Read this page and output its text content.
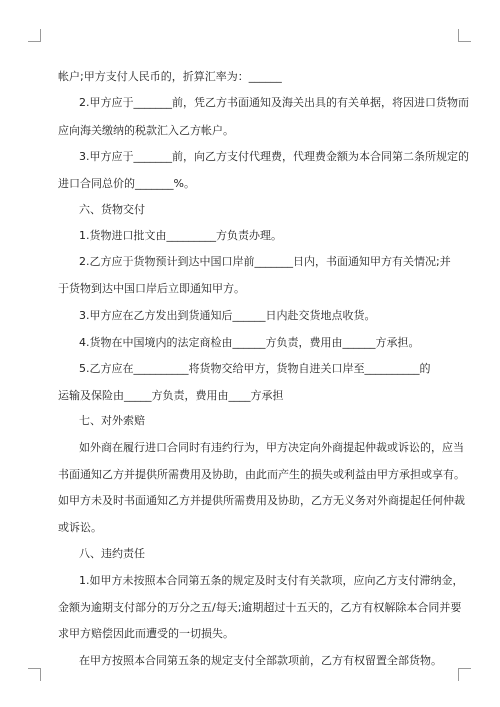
帐户;甲方支付人民币的，折算汇率为：______
2.甲方应于_______前，凭乙方书面通知及海关出具的有关单据，将因进口货物而
应向海关缴纳的税款汇入乙方帐户。
3.甲方应于_______前，向乙方支付代理费，代理费金额为本合同第二条所规定的
进口合同总价的_______%。
六、货物交付
1.货物进口批文由_________方负责办理。
2.乙方应于货物预计到达中国口岸前_______日内，书面通知甲方有关情况;并
于货物到达中国口岸后立即通知甲方。
3.甲方应在乙方发出到货通知后______日内赴交货地点收货。
4.货物在中国境内的法定商检由______方负责，费用由______方承担。
5.乙方应在__________将货物交给甲方，货物自进关口岸至__________的
运输及保险由_____方负责，费用由____方承担
七、对外索赔
如外商在履行进口合同时有违约行为，甲方决定向外商提起仲裁或诉讼的，应当
书面通知乙方并提供所需费用及协助，由此而产生的损失或利益由甲方承担或享有。
如甲方未及时书面通知乙方并提供所需费用及协助，乙方无义务对外商提起任何仲裁
或诉讼。
八、违约责任
1.如甲方未按照本合同第五条的规定及时支付有关款项，应向乙方支付滞纳金，
金额为逾期支付部分的万分之五/每天;逾期超过十五天的，乙方有权解除本合同并要
求甲方赔偿因此而遭受的一切损失。
在甲方按照本合同第五条的规定支付全部款项前，乙方有权留置全部货物。
